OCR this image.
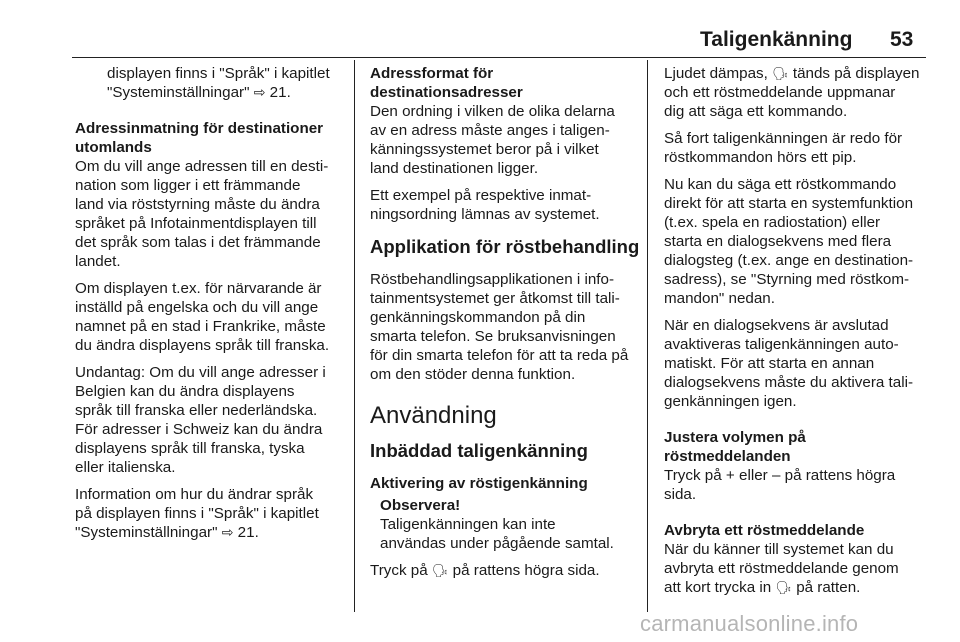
Taligenkänning 53

displayen finns i "Språk" i kapitlet
"Systeminställningar" ⇨ 21.

Adressinmatning för destinationer
utomlands

Om du vill ange adressen till en desti-
nation som ligger i ett främmande
land via röststyrning måste du ändra
språket på Infotainmentdisplayen till
det språk som talas i det främmande
landet.

Om displayen t.ex. för närvarande är
inställd på engelska och du vill ange
namnet på en stad i Frankrike, måste
du ändra displayens språk till franska.

Undantag: Om du vill ange adresser i
Belgien kan du ändra displayens
språk till franska eller nederländska.
För adresser i Schweiz kan du ändra
displayens språk till franska, tyska
eller italienska.

Information om hur du ändrar språk
på displayen finns i "Språk" i kapitlet
"Systeminställningar" ⇨ 21.

Adressformat för
destinationsadresser

Den ordning i vilken de olika delarna
av en adress måste anges i taligen-
känningssystemet beror på i vilket
land destinationen ligger.

Ett exempel på respektive inmat-
ningsordning lämnas av systemet.

Applikation för röstbehandling

Röstbehandlingsapplikationen i info-
tainmentsystemet ger åtkomst till tali-
genkänningskommandon på din
smarta telefon. Se bruksanvisningen
för din smarta telefon för att ta reda på
om den stöder denna funktion.

Användning
Inbäddad taligenkänning

Aktivering av röstigenkänning

Observera!
Taligenkänningen kan inte
användas under pågående samtal.

Tryck på 🗣 på rattens högra sida.

Ljudet dämpas, 🗣 tänds på displayen
och ett röstmeddelande uppmanar
dig att säga ett kommando.

Så fort taligenkänningen är redo för
röstkommandon hörs ett pip.

Nu kan du säga ett röstkommando
direkt för att starta en systemfunktion
(t.ex. spela en radiostation) eller
starta en dialogsekvens med flera
dialogsteg (t.ex. ange en destination-
sadress), se "Styrning med röstkom-
mandon" nedan.

När en dialogsekvens är avslutad
avaktiveras taligenkänningen auto-
matiskt. För att starta en annan
dialogsekvens måste du aktivera tali-
genkänningen igen.

Justera volymen på
röstmeddelanden

Tryck på + eller – på rattens högra
sida.

Avbryta ett röstmeddelande

När du känner till systemet kan du
avbryta ett röstmeddelande genom
att kort trycka in 🗣 på ratten.

carmanualsonline.info
